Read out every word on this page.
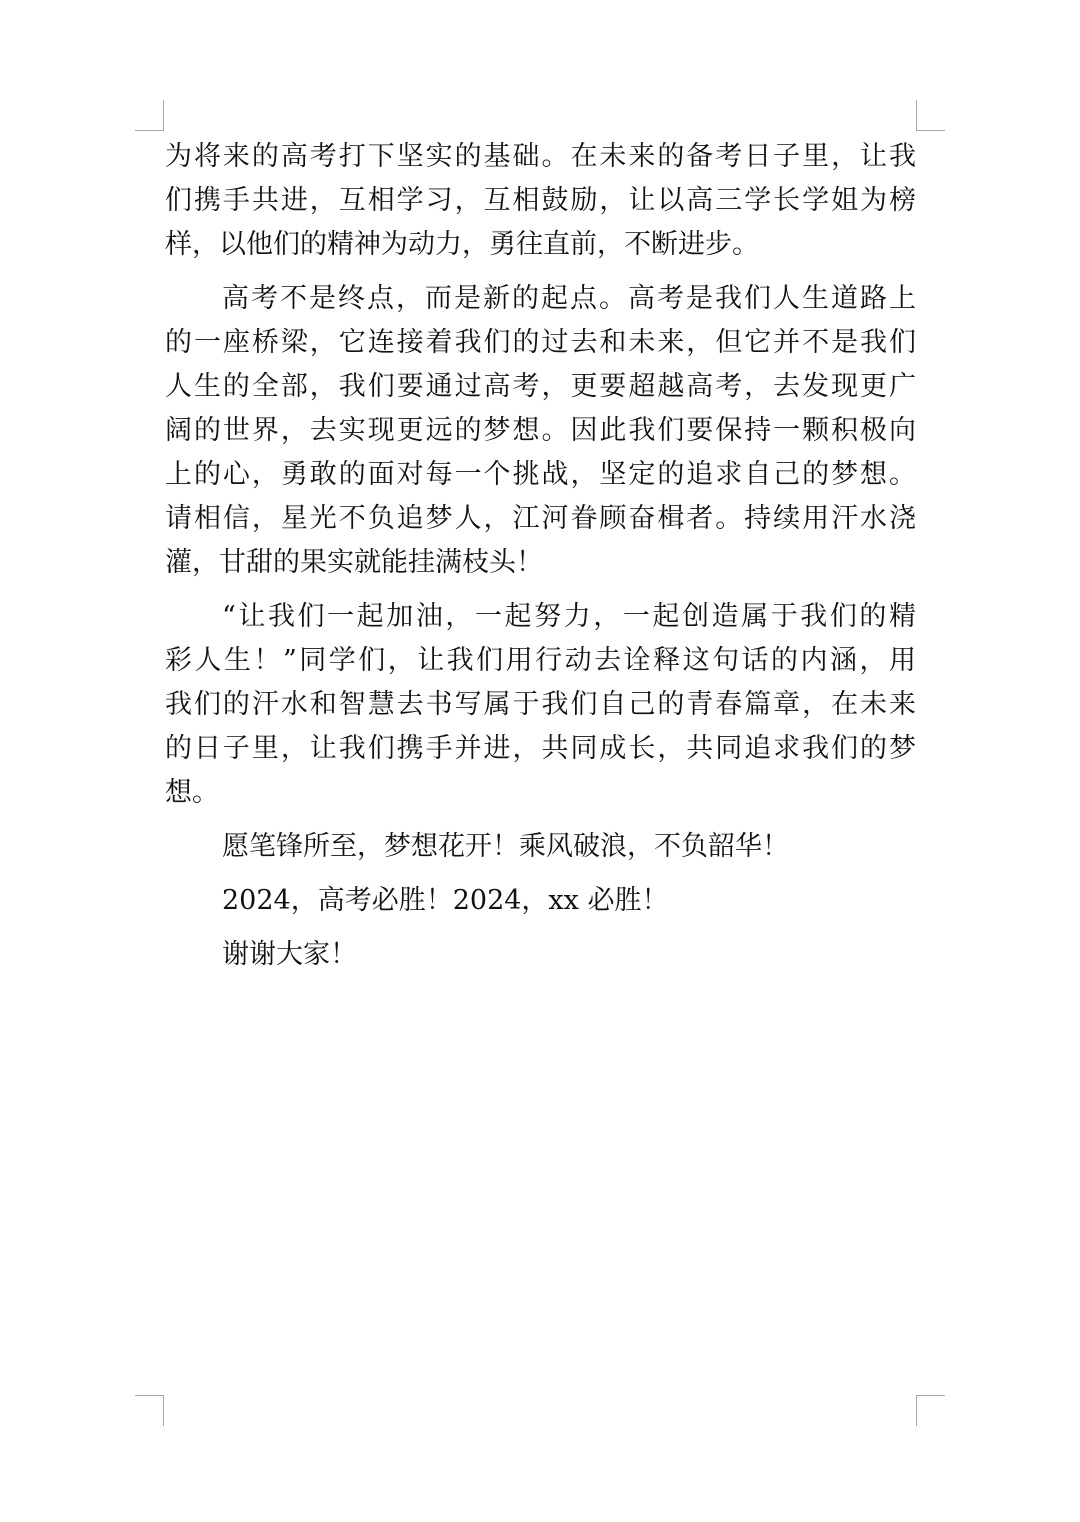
为将来的高考打下坚实的基础。在未来的备考日子里，让我
们携手共进，互相学习，互相鼓励，让以高三学长学姐为榜
样，以他们的精神为动力，勇往直前，不断进步。

高考不是终点，而是新的起点。高考是我们人生道路上
的一座桥梁，它连接着我们的过去和未来，但它并不是我们
人生的全部，我们要通过高考，更要超越高考，去发现更广
阔的世界，去实现更远的梦想。因此我们要保持一颗积极向
上的心，勇敢的面对每一个挑战，坚定的追求自己的梦想。
请相信，星光不负追梦人，江河眷顾奋楫者。持续用汗水浇
灌，甘甜的果实就能挂满枝头！

“让我们一起加油，一起努力，一起创造属于我们的精
彩人生！”同学们，让我们用行动去诠释这句话的内涵，用
我们的汗水和智慧去书写属于我们自己的青春篇章，在未来
的日子里，让我们携手并进，共同成长，共同追求我们的梦
想。

愿笔锋所至，梦想花开！乘风破浪，不负韶华！

2024，高考必胜！2024，xx 必胜！

谢谢大家！
